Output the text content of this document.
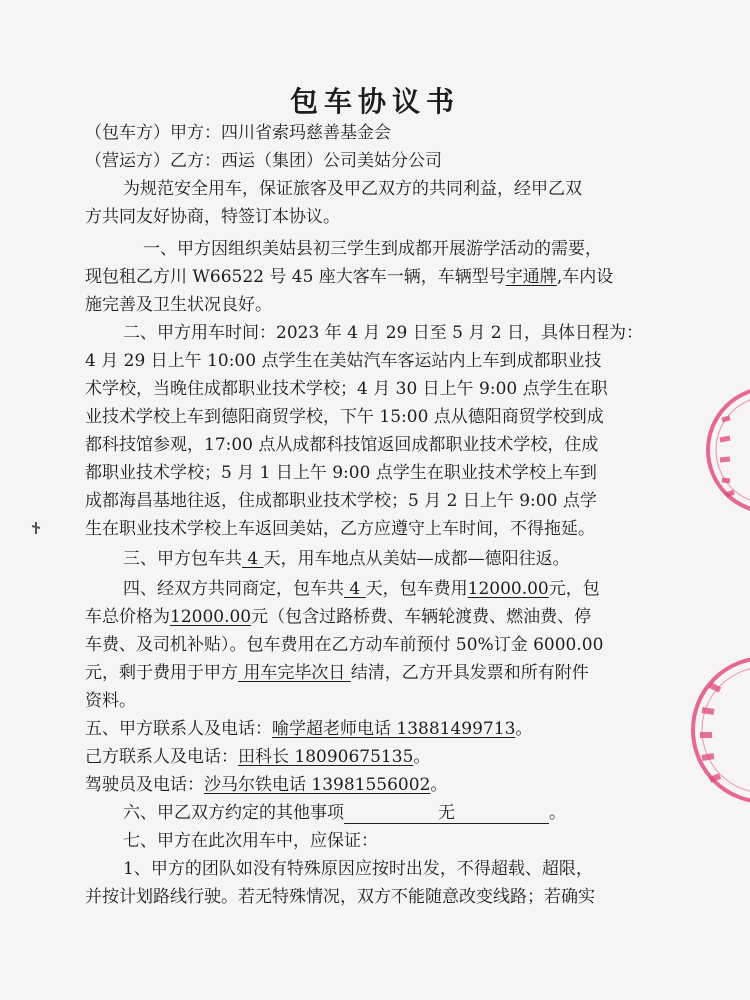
包车协议书
（包车方）甲方：四川省索玛慈善基金会
（营运方）乙方：西运（集团）公司美姑分公司
为规范安全用车，保证旅客及甲乙双方的共同利益，经甲乙双
方共同友好协商，特签订本协议。
一、甲方因组织美姑县初三学生到成都开展游学活动的需要，
现包租乙方川 W66522 号 45 座大客车一辆，车辆型号宇通牌,车内设
施完善及卫生状况良好。
二、甲方用车时间：2023 年 4 月 29 日至 5 月 2 日，具体日程为：
4 月 29 日上午 10:00 点学生在美姑汽车客运站内上车到成都职业技
术学校，当晚住成都职业技术学校；4 月 30 日上午 9:00 点学生在职
业技术学校上车到德阳商贸学校，下午 15:00 点从德阳商贸学校到成
都科技馆参观，17:00 点从成都科技馆返回成都职业技术学校，住成
都职业技术学校；5 月 1 日上午 9:00 点学生在职业技术学校上车到
成都海昌基地往返，住成都职业技术学校；5 月 2 日上午 9:00 点学
生在职业技术学校上车返回美姑，乙方应遵守上车时间，不得拖延。
三、甲方包车共 4 天，用车地点从美姑—成都—德阳往返。
四、经双方共同商定，包车共 4 天，包车费用12000.00元，包
车总价格为12000.00元（包含过路桥费、车辆轮渡费、燃油费、停
车费、及司机补贴）。包车费用在乙方动车前预付 50%订金 6000.00
元，剩于费用于甲方 用车完毕次日 结清，乙方开具发票和所有附件
资料。
五、甲方联系人及电话：喻学超老师电话 13881499713。
己方联系人及电话：田科长 18090675135。
驾驶员及电话：沙马尔铁电话 13981556002。
六、甲乙双方约定的其他事项	无	。
七、甲方在此次用车中，应保证：
1、甲方的团队如没有特殊原因应按时出发，不得超载、超限，
并按计划路线行驶。若无特殊情况，双方不能随意改变线路；若确实
